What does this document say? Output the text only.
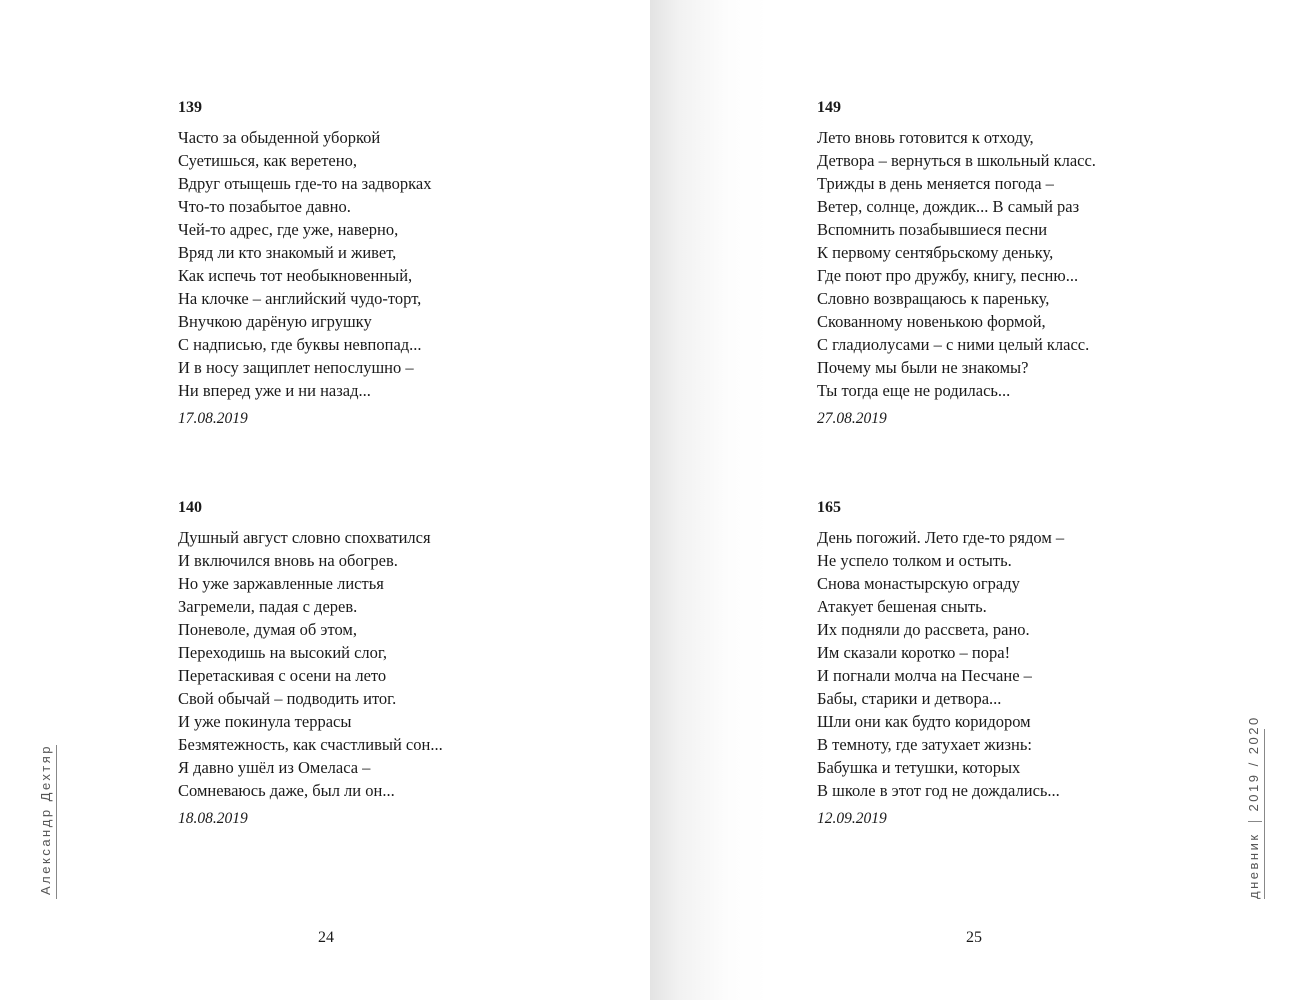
Александр Дехтяр
139
Часто за обыденной уборкой
Суетишься, как веретено,
Вдруг отыщешь где-то на задворках
Что-то позабытое давно.
Чей-то адрес, где уже, наверно,
Вряд ли кто знакомый и живет,
Как испечь тот необыкновенный,
На клочке – английский чудо-торт,
Внучкою дарёную игрушку
С надписью, где буквы невпопад...
И в носу защиплет непослушно –
Ни вперед уже и ни назад...
17.08.2019
140
Душный август словно спохватился
И включился вновь на обогрев.
Но уже заржавленные листья
Загремели, падая с дерев.
Поневоле, думая об этом,
Переходишь на высокий слог,
Перетаскивая с осени на лето
Свой обычай – подводить итог.
И уже покинула террасы
Безмятежность, как счастливый сон...
Я давно ушёл из Омеласа –
Сомневаюсь даже, был ли он...
18.08.2019
24
149
Лето вновь готовится к отходу,
Детвора – вернуться в школьный класс.
Трижды в день меняется погода –
Ветер, солнце, дождик... В самый раз
Вспомнить позабывшиеся песни
К первому сентябрьскому деньку,
Где поют про дружбу, книгу, песню...
Словно возвращаюсь к пареньку,
Скованному новенькою формой,
С гладиолусами – с ними целый класс.
Почему мы были не знакомы?
Ты тогда еще не родилась...
27.08.2019
165
День погожий. Лето где-то рядом –
Не успело толком и остыть.
Снова монастырскую ограду
Атакует бешеная сныть.
Их подняли до рассвета, рано.
Им сказали коротко – пора!
И погнали молча на Песчане –
Бабы, старики и детвора...
Шли они как будто коридором
В темноту, где затухает жизнь:
Бабушка и тетушки, которых
В школе в этот год не дождались...
12.09.2019
25
дневник2019 / 2020
